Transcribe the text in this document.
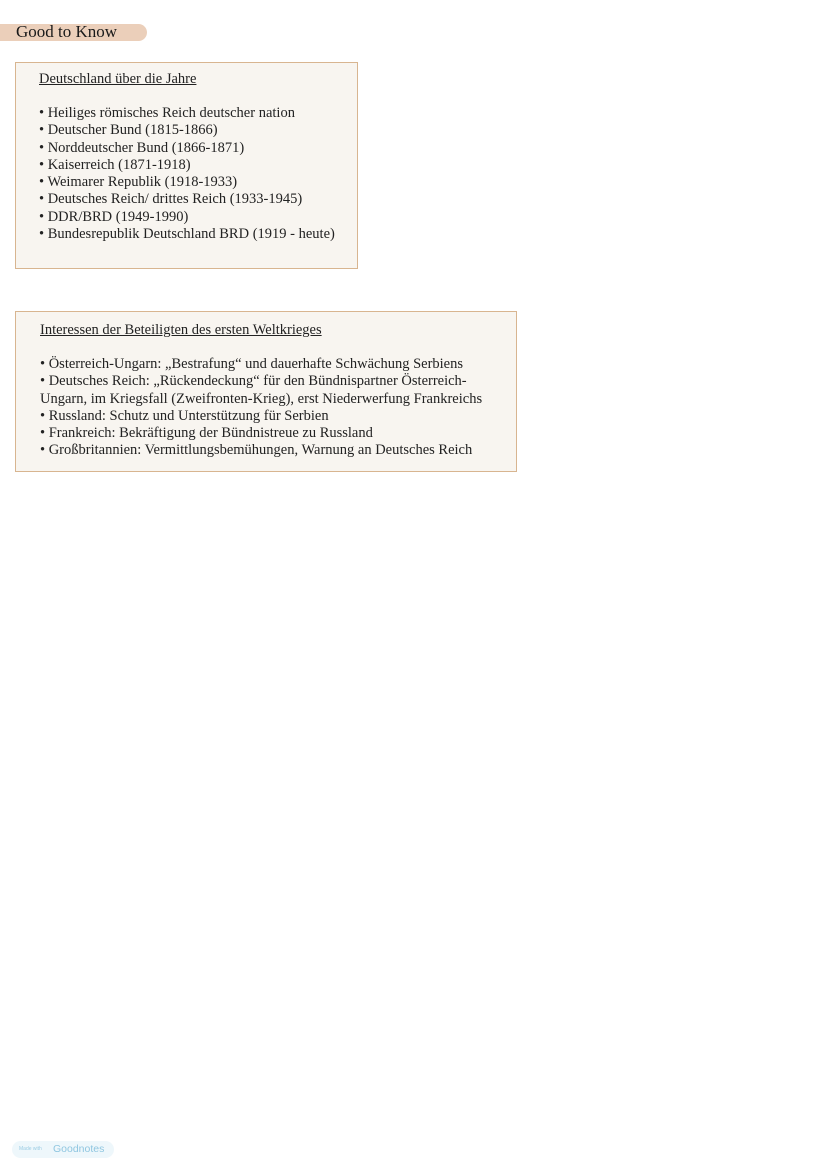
Good to Know
Deutschland über die Jahre
• Heiliges römisches Reich deutscher nation
• Deutscher Bund (1815-1866)
• Norddeutscher Bund (1866-1871)
• Kaiserreich (1871-1918)
• Weimarer Republik (1918-1933)
• Deutsches Reich/ drittes Reich (1933-1945)
• DDR/BRD (1949-1990)
• Bundesrepublik Deutschland BRD (1919 - heute)
Interessen der Beteiligten des ersten Weltkrieges
• Österreich-Ungarn: „Bestrafung“ und dauerhafte Schwächung Serbiens
• Deutsches Reich: „Rückendeckung“ für den Bündnispartner Österreich-Ungarn, im Kriegsfall (Zweifronten-Krieg), erst Niederwerfung Frankreichs
• Russland: Schutz und Unterstützung für Serbien
• Frankreich: Bekräftigung der Bündnistreue zu Russland
• Großbritannien: Vermittlungsbemühungen, Warnung an Deutsches Reich
Made with Goodnotes
